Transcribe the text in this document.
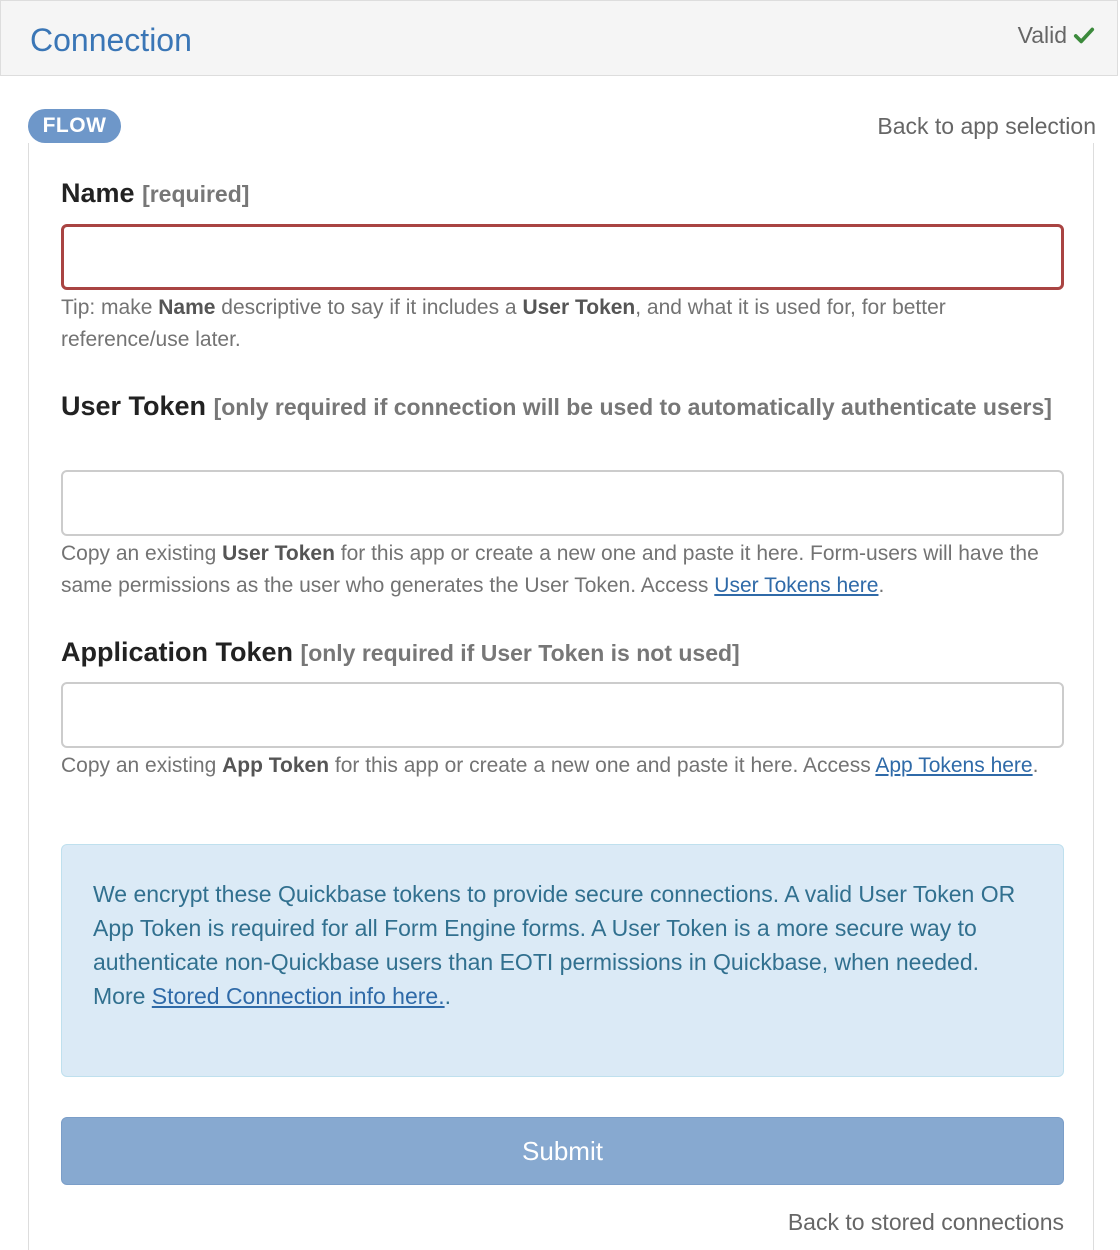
Connection	Valid
FLOW	Back to app selection
Name [required]
Tip: make Name descriptive to say if it includes a User Token, and what it is used for, for better reference/use later.
User Token [only required if connection will be used to automatically authenticate users]
Copy an existing User Token for this app or create a new one and paste it here. Form-users will have the same permissions as the user who generates the User Token. Access User Tokens here.
Application Token [only required if User Token is not used]
Copy an existing App Token for this app or create a new one and paste it here. Access App Tokens here.
We encrypt these Quickbase tokens to provide secure connections. A valid User Token OR App Token is required for all Form Engine forms. A User Token is a more secure way to authenticate non-Quickbase users than EOTI permissions in Quickbase, when needed.
More Stored Connection info here..
Submit
Back to stored connections
